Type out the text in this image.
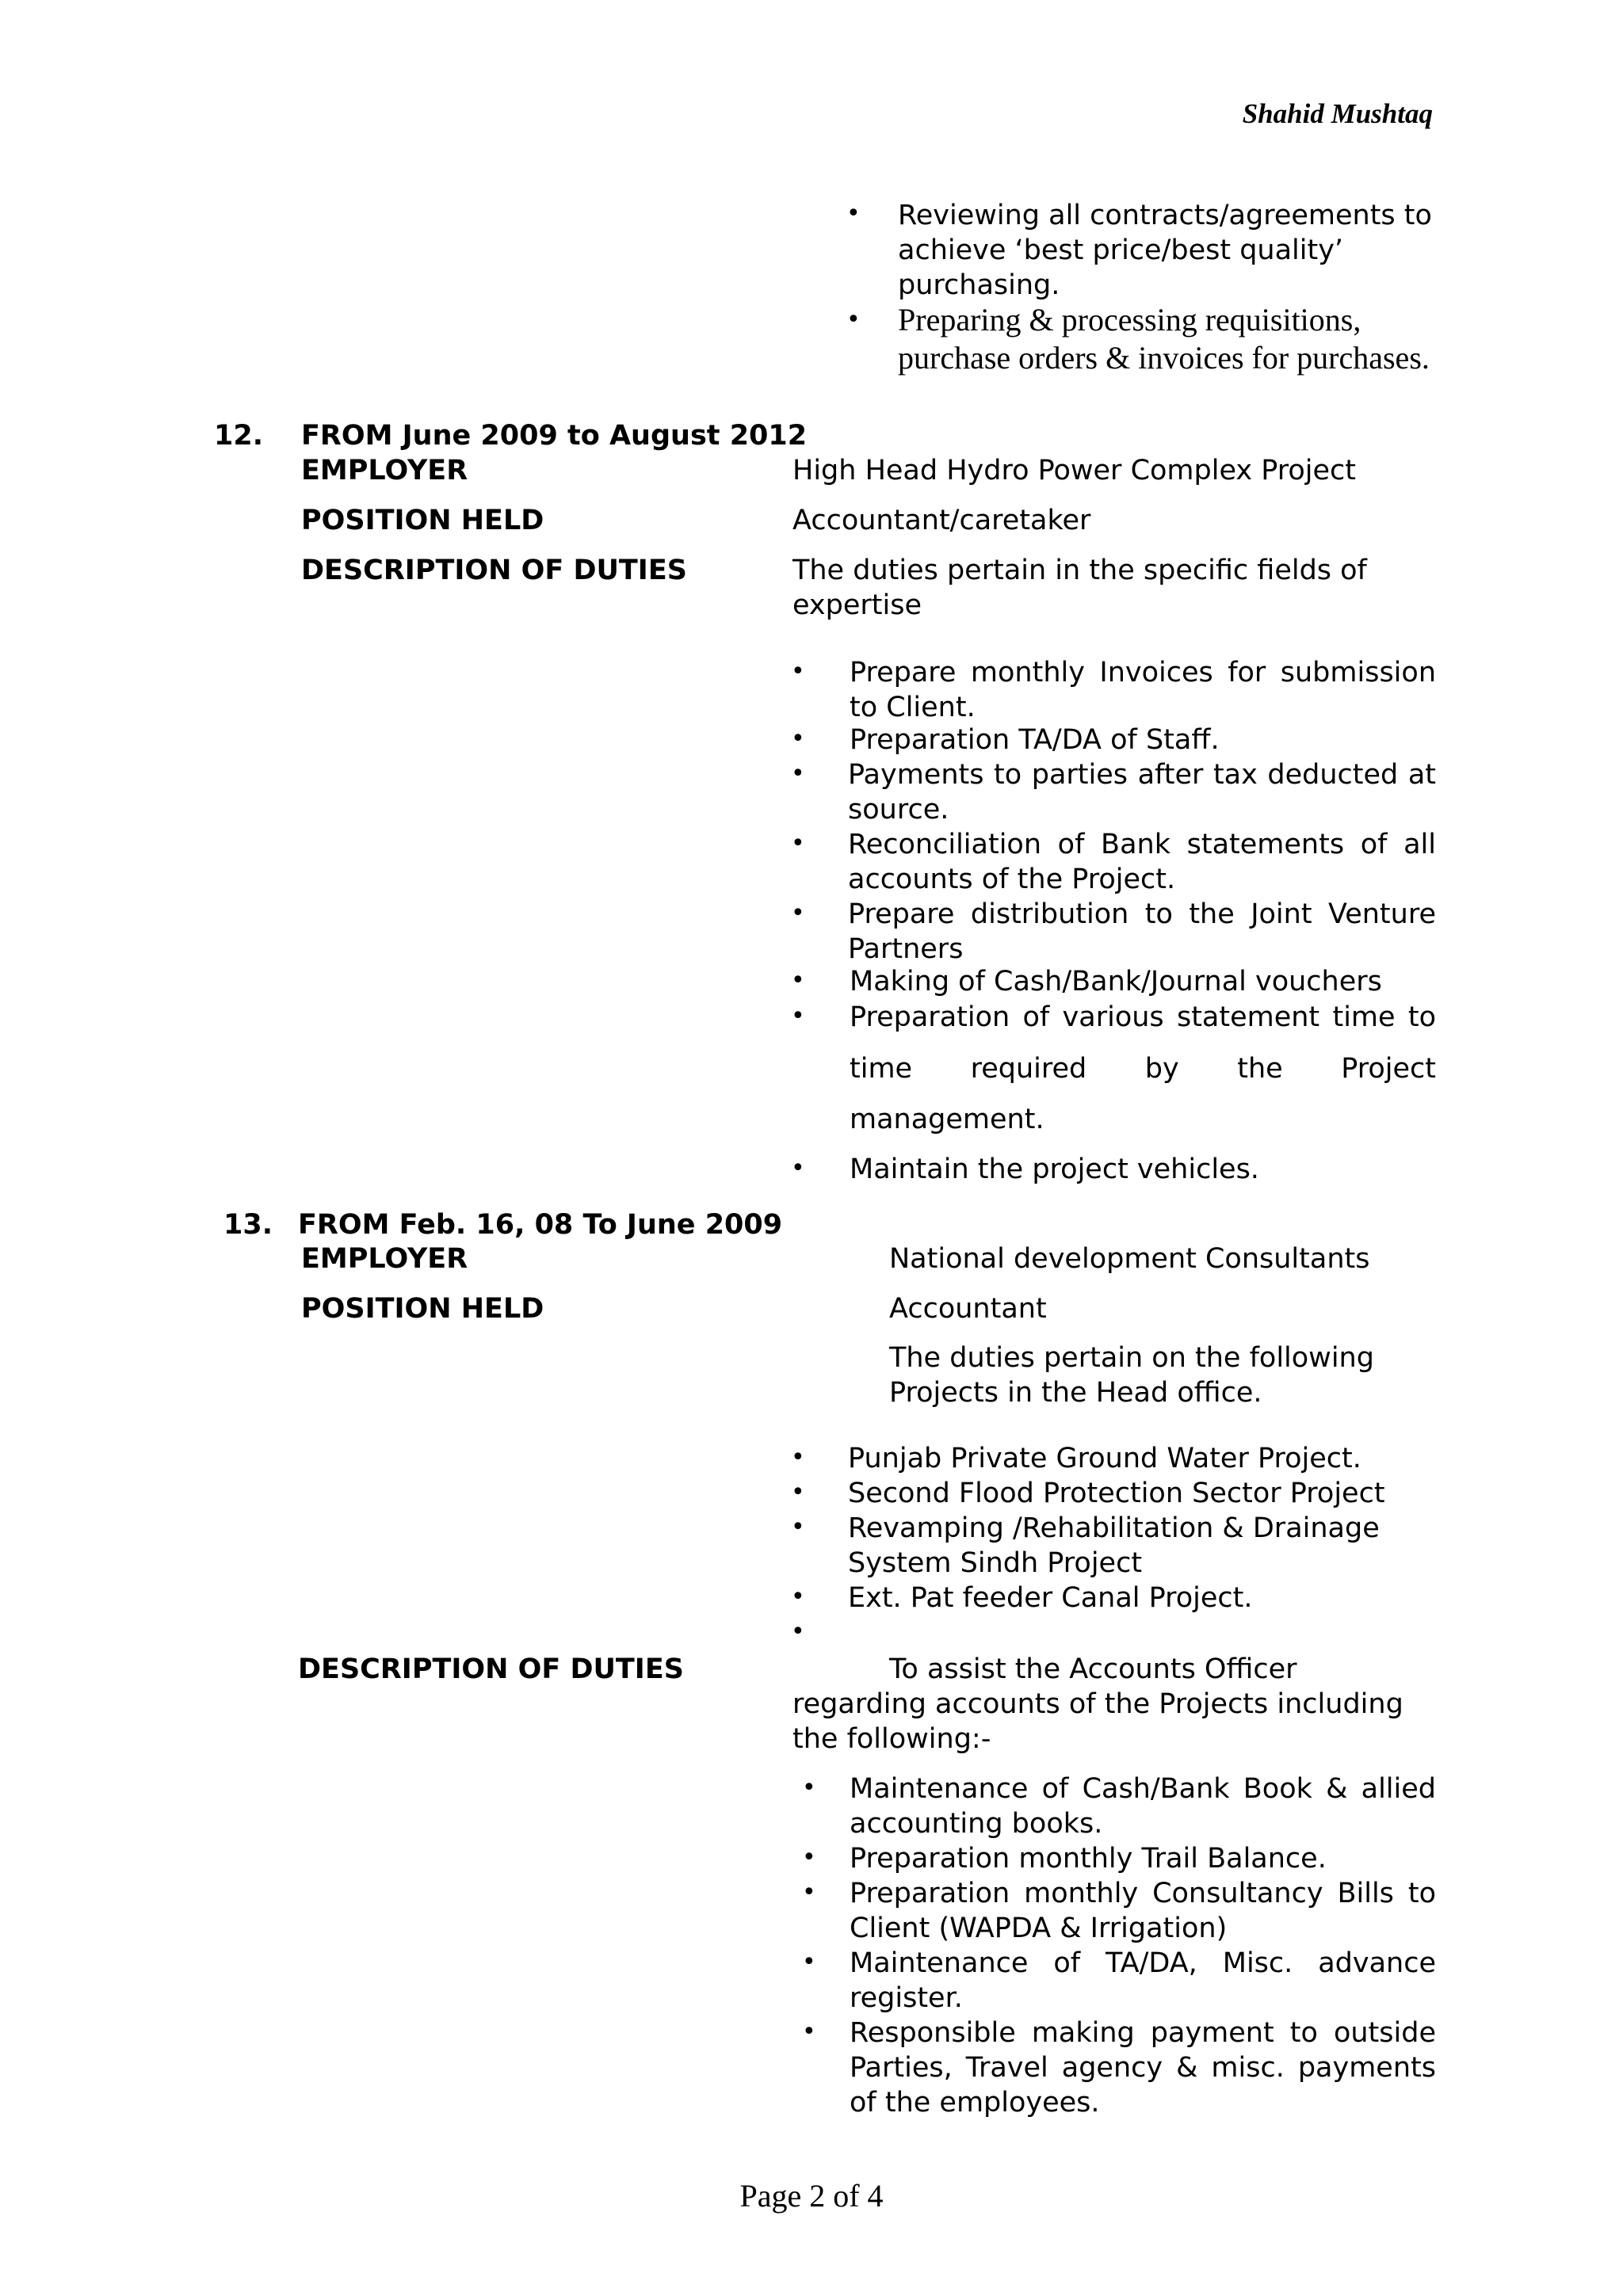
Shahid Mushtaq
• Reviewing all contracts/agreements to achieve ‘best price/best quality’ purchasing.
• Preparing & processing requisitions, purchase orders & invoices for purchases.
12. FROM June 2009 to August 2012
EMPLOYER	High Head Hydro Power Complex Project
POSITION HELD	Accountant/caretaker
DESCRIPTION OF DUTIES	The duties pertain in the specific fields of expertise
• Prepare monthly Invoices for submission to Client.
• Preparation TA/DA of Staff.
• Payments to parties after tax deducted at source.
• Reconciliation of Bank statements of all accounts of the Project.
• Prepare distribution to the Joint Venture Partners
• Making of Cash/Bank/Journal vouchers
• Preparation of various statement time to
time required by the Project
management.
• Maintain the project vehicles.
13. FROM Feb. 16, 08 To June 2009
EMPLOYER	National development Consultants
POSITION HELD	Accountant
The duties pertain on the following Projects in the Head office.
• Punjab Private Ground Water Project.
• Second Flood Protection Sector Project
• Revamping /Rehabilitation & Drainage System Sindh Project
• Ext. Pat feeder Canal Project.
•
DESCRIPTION OF DUTIES	To assist the Accounts Officer regarding accounts of the Projects including the following:-
• Maintenance of Cash/Bank Book & allied accounting books.
• Preparation monthly Trail Balance.
• Preparation monthly Consultancy Bills to Client (WAPDA & Irrigation)
• Maintenance of TA/DA, Misc. advance register.
• Responsible making payment to outside Parties, Travel agency & misc. payments of the employees.
Page 2 of 4
